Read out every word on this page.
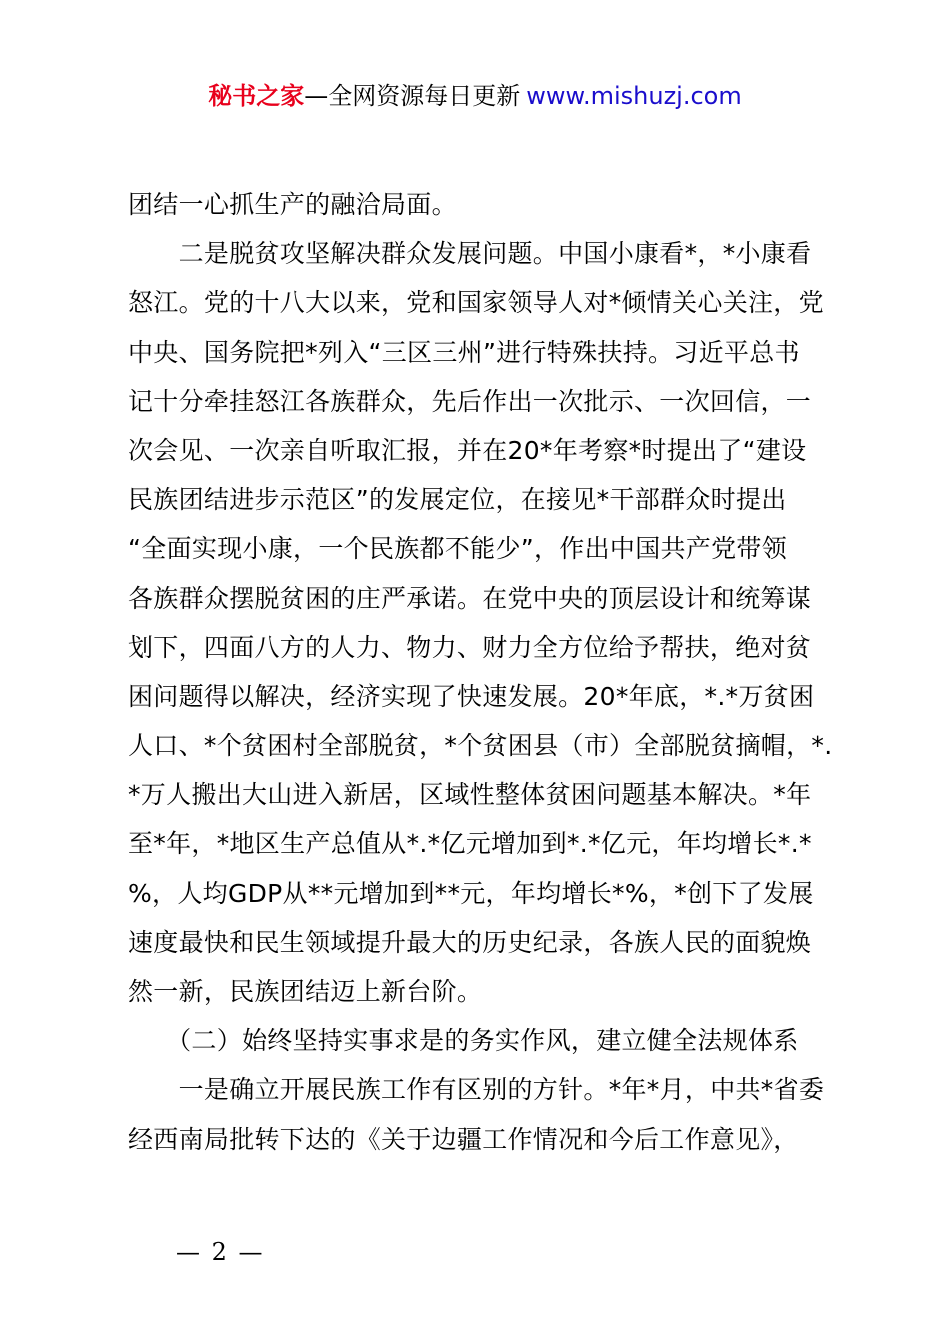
秘书之家—全网资源每日更新 www.mishuzj.com
团结一心抓生产的融洽局面。
　　二是脱贫攻坚解决群众发展问题。中国小康看*，*小康看
怒江。党的十八大以来，党和国家领导人对*倾情关心关注，党
中央、国务院把*列入“三区三州”进行特殊扶持。习近平总书
记十分牵挂怒江各族群众，先后作出一次批示、一次回信，一
次会见、一次亲自听取汇报，并在20*年考察*时提出了“建设
民族团结进步示范区”的发展定位，在接见*干部群众时提出
“全面实现小康，一个民族都不能少”，作出中国共产党带领
各族群众摆脱贫困的庄严承诺。在党中央的顶层设计和统筹谋
划下，四面八方的人力、物力、财力全方位给予帮扶，绝对贫
困问题得以解决，经济实现了快速发展。20*年底，*.*万贫困
人口、*个贫困村全部脱贫，*个贫困县（市）全部脱贫摘帽，*.
*万人搬出大山进入新居，区域性整体贫困问题基本解决。*年
至*年，*地区生产总值从*.*亿元增加到*.*亿元，年均增长*.*
%，人均GDP从**元增加到**元，年均增长*%，*创下了发展
速度最快和民生领域提升最大的历史纪录，各族人民的面貌焕
然一新，民族团结迈上新台阶。
　　（二）始终坚持实事求是的务实作风，建立健全法规体系
　　一是确立开展民族工作有区别的方针。*年*月，中共*省委
经西南局批转下达的《关于边疆工作情况和今后工作意见》，
— 2 —
